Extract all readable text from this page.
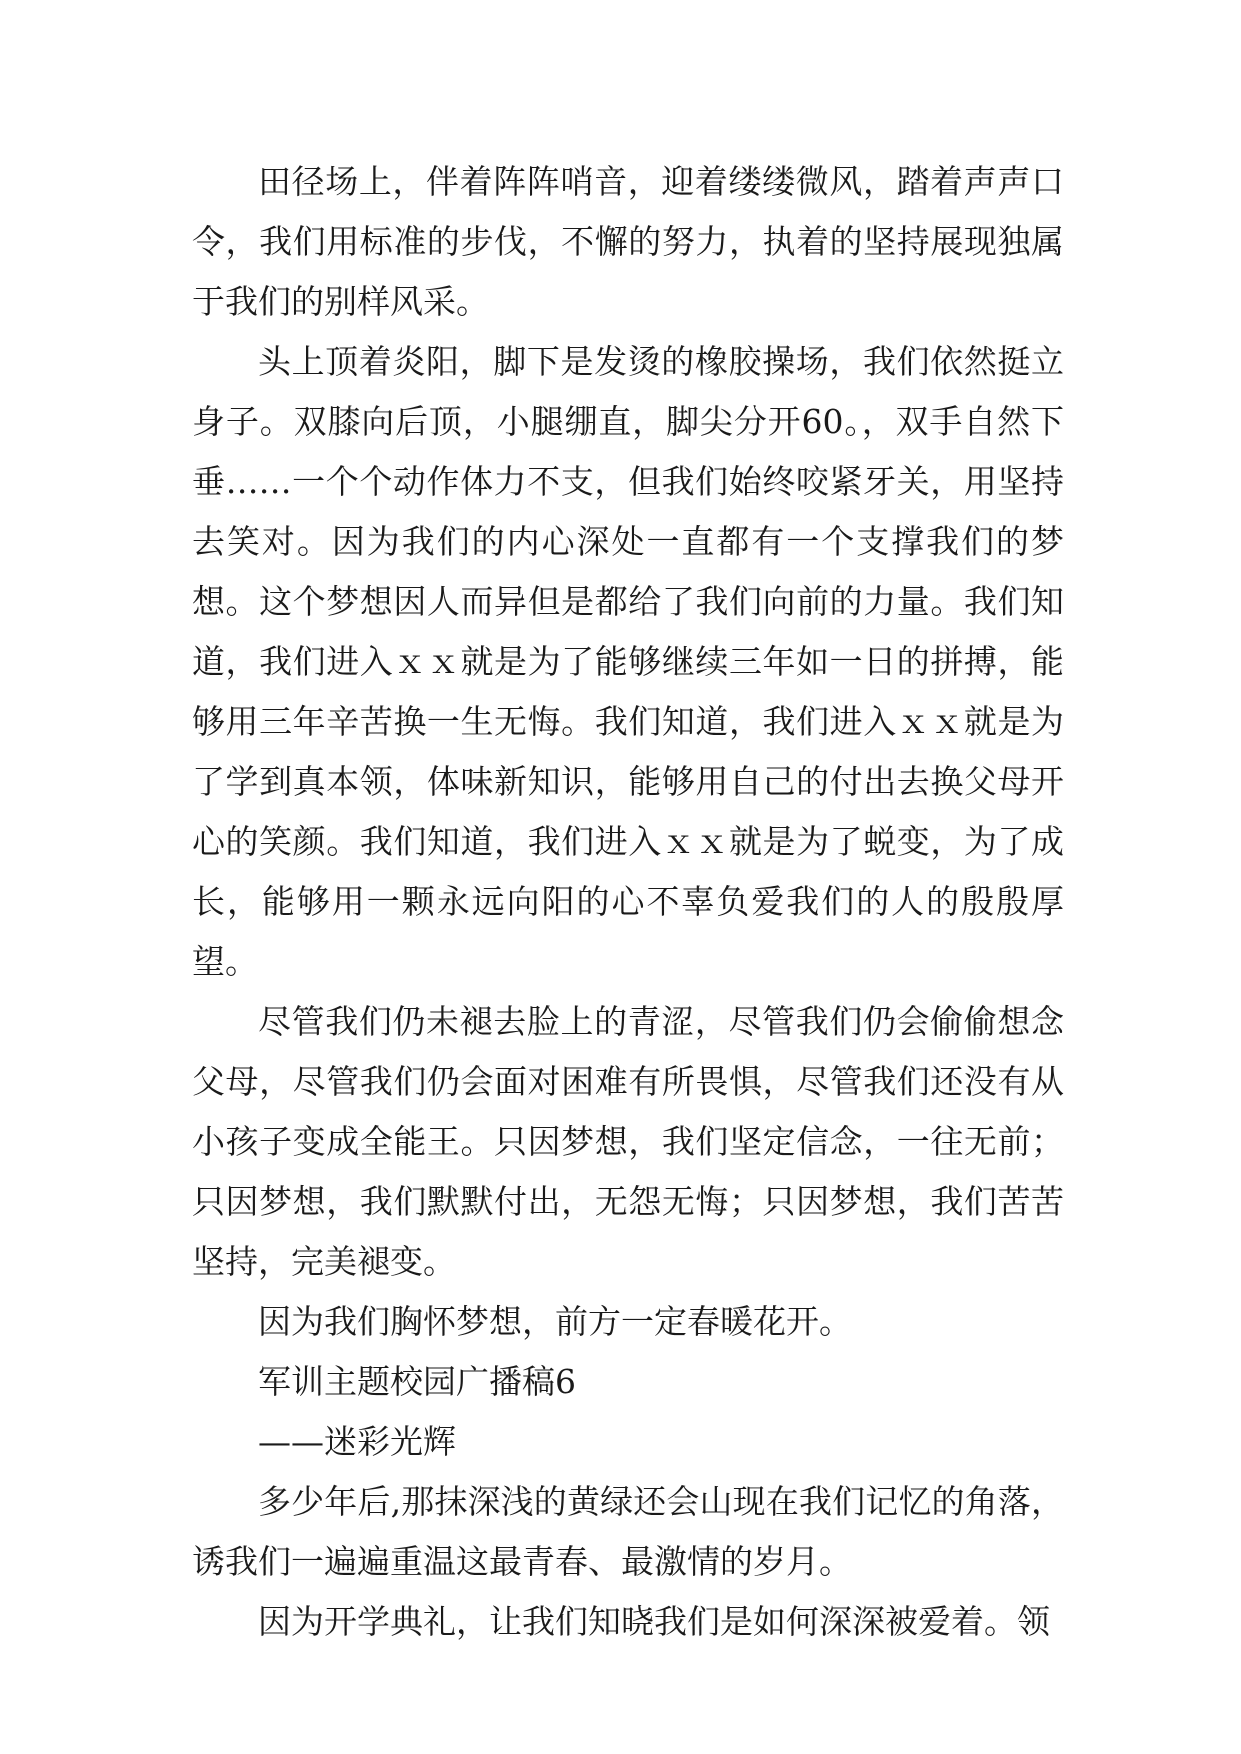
田径场上，伴着阵阵哨音，迎着缕缕微风，踏着声声口令，我们用标准的步伐，不懈的努力，执着的坚持展现独属于我们的别样风采。

头上顶着炎阳，脚下是发烫的橡胶操场，我们依然挺立身子。双膝向后顶，小腿绷直，脚尖分开60。，双手自然下垂……一个个动作体力不支，但我们始终咬紧牙关，用坚持去笑对。因为我们的内心深处一直都有一个支撑我们的梦想。这个梦想因人而异但是都给了我们向前的力量。我们知道，我们进入ｘｘ就是为了能够继续三年如一日的拼搏，能够用三年辛苦换一生无悔。我们知道，我们进入ｘｘ就是为了学到真本领，体味新知识，能够用自己的付出去换父母开心的笑颜。我们知道，我们进入ｘｘ就是为了蜕变，为了成长，能够用一颗永远向阳的心不辜负爱我们的人的殷殷厚望。

尽管我们仍未褪去脸上的青涩，尽管我们仍会偷偷想念父母，尽管我们仍会面对困难有所畏惧，尽管我们还没有从小孩子变成全能王。只因梦想，我们坚定信念，一往无前；只因梦想，我们默默付出，无怨无悔；只因梦想，我们苦苦坚持，完美褪变。

因为我们胸怀梦想，前方一定春暖花开。

军训主题校园广播稿6

——迷彩光辉

多少年后,那抹深浅的黄绿还会山现在我们记忆的角落，诱我们一遍遍重温这最青春、最激情的岁月。

因为开学典礼，让我们知晓我们是如何深深被爱着。领
